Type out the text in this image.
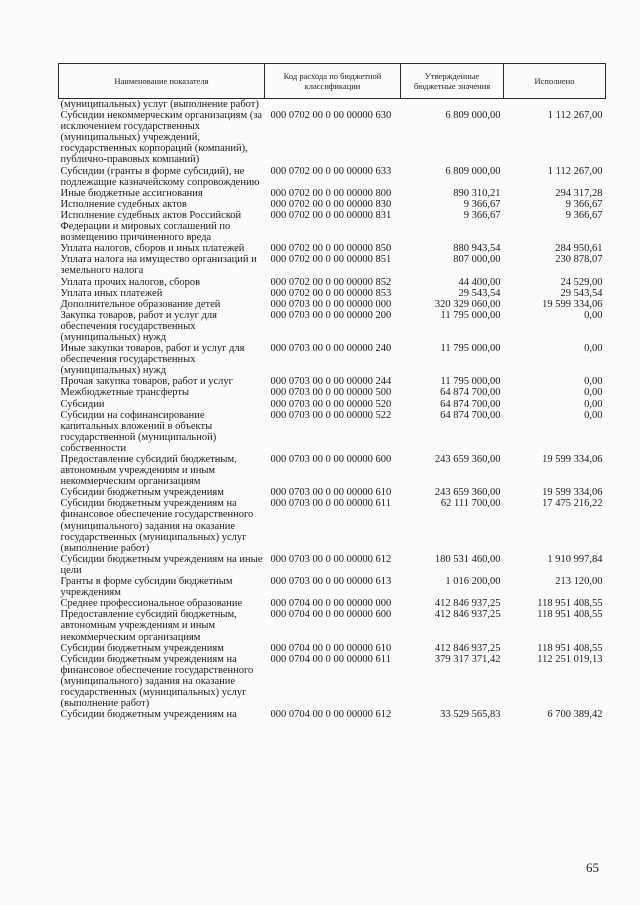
Наименование показателя	Код расхода по бюджетной классификации	Утвержденные бюджетные значения	Исполнено
(муниципальных) услуг (выполнение работ)			
Субсидии некоммерческим организациям (за исключением государственных (муниципальных) учреждений, государственных корпораций (компаний), публично-правовых компаний)	000 0702 00 0 00 00000 630	6 809 000,00	1 112 267,00
Субсидии (гранты в форме субсидий), не подлежащие казначейскому сопровождению	000 0702 00 0 00 00000 633	6 809 000,00	1 112 267,00
Иные бюджетные ассигнования	000 0702 00 0 00 00000 800	890 310,21	294 317,28
Исполнение судебных актов	000 0702 00 0 00 00000 830	9 366,67	9 366,67
Исполнение судебных актов Российской Федерации и мировых соглашений по возмещению причиненного вреда	000 0702 00 0 00 00000 831	9 366,67	9 366,67
Уплата налогов, сборов и иных платежей	000 0702 00 0 00 00000 850	880 943,54	284 950,61
Уплата налога на имущество организаций и земельного налога	000 0702 00 0 00 00000 851	807 000,00	230 878,07
Уплата прочих налогов, сборов	000 0702 00 0 00 00000 852	44 400,00	24 529,00
Уплата иных платежей	000 0702 00 0 00 00000 853	29 543,54	29 543,54
Дополнительное образование детей	000 0703 00 0 00 00000 000	320 329 060,00	19 599 334,06
Закупка товаров, работ и услуг для обеспечения государственных (муниципальных) нужд	000 0703 00 0 00 00000 200	11 795 000,00	0,00
Иные закупки товаров, работ и услуг для обеспечения государственных (муниципальных) нужд	000 0703 00 0 00 00000 240	11 795 000,00	0,00
Прочая закупка товаров, работ и услуг	000 0703 00 0 00 00000 244	11 795 000,00	0,00
Межбюджетные трансферты	000 0703 00 0 00 00000 500	64 874 700,00	0,00
Субсидии	000 0703 00 0 00 00000 520	64 874 700,00	0,00
Субсидии на софинансирование капитальных вложений в объекты государственной (муниципальной) собственности	000 0703 00 0 00 00000 522	64 874 700,00	0,00
Предоставление субсидий бюджетным, автономным учреждениям и иным некоммерческим организациям	000 0703 00 0 00 00000 600	243 659 360,00	19 599 334,06
Субсидии бюджетным учреждениям	000 0703 00 0 00 00000 610	243 659 360,00	19 599 334,06
Субсидии бюджетным учреждениям на финансовое обеспечение государственного (муниципального) задания на оказание государственных (муниципальных) услуг (выполнение работ)	000 0703 00 0 00 00000 611	62 111 700,00	17 475 216,22
Субсидии бюджетным учреждениям на иные цели	000 0703 00 0 00 00000 612	180 531 460,00	1 910 997,84
Гранты в форме субсидии бюджетным учреждениям	000 0703 00 0 00 00000 613	1 016 200,00	213 120,00
Среднее профессиональное образование	000 0704 00 0 00 00000 000	412 846 937,25	118 951 408,55
Предоставление субсидий бюджетным, автономным учреждениям и иным некоммерческим организациям	000 0704 00 0 00 00000 600	412 846 937,25	118 951 408,55
Субсидии бюджетным учреждениям	000 0704 00 0 00 00000 610	412 846 937,25	118 951 408,55
Субсидии бюджетным учреждениям на финансовое обеспечение государственного (муниципального) задания на оказание государственных (муниципальных) услуг (выполнение работ)	000 0704 00 0 00 00000 611	379 317 371,42	112 251 019,13
Субсидии бюджетным учреждениям на	000 0704 00 0 00 00000 612	33 529 565,83	6 700 389,42
65
